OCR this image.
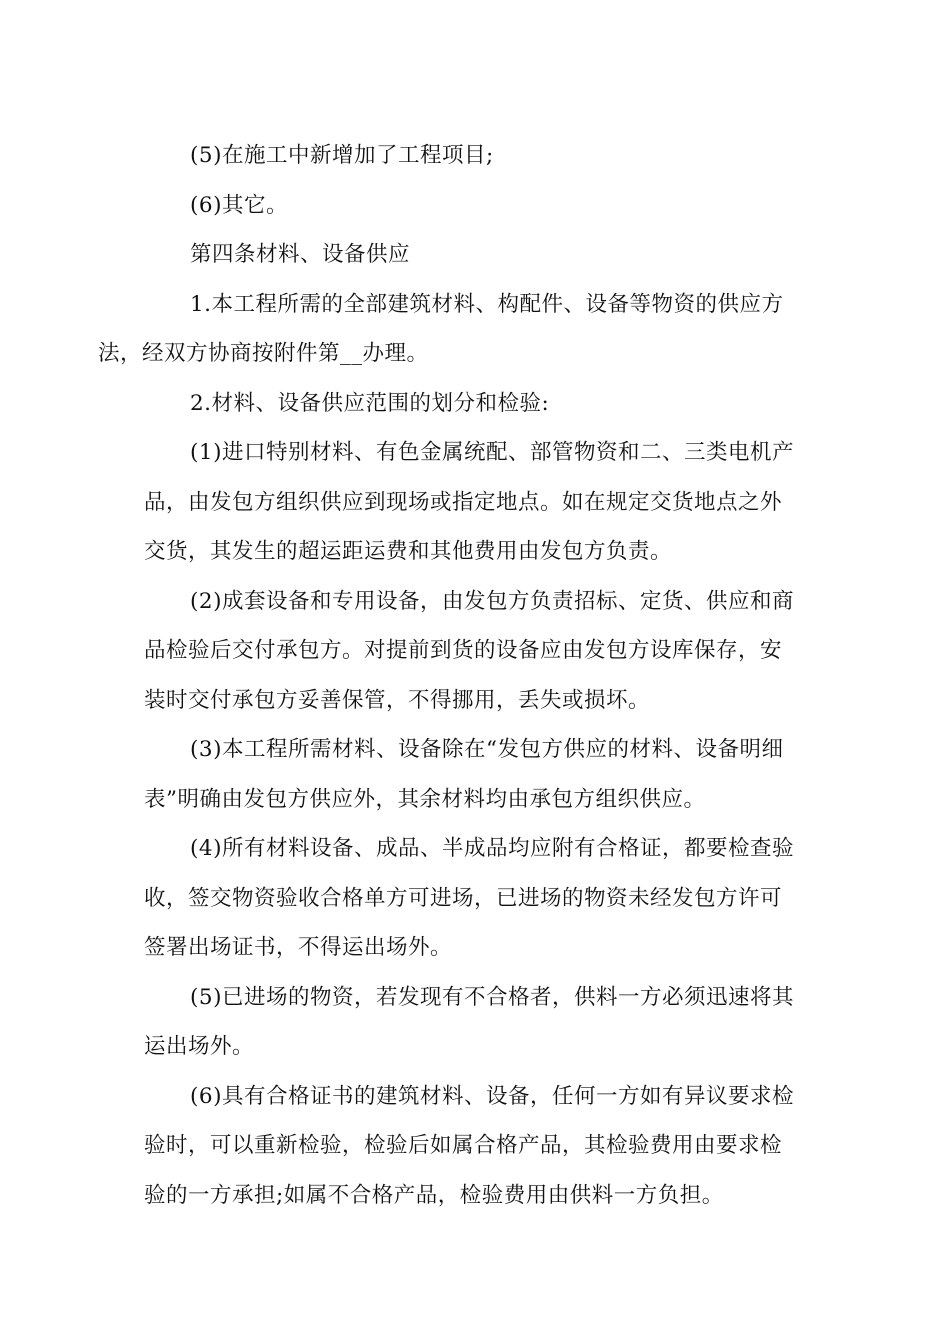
(5)在施工中新增加了工程项目;

(6)其它。

第四条材料、设备供应

1.本工程所需的全部建筑材料、构配件、设备等物资的供应方
法，经双方协商按附件第__办理。

2.材料、设备供应范围的划分和检验:

(1)进口特别材料、有色金属统配、部管物资和二、三类电机产
品，由发包方组织供应到现场或指定地点。如在规定交货地点之外
交货，其发生的超运距运费和其他费用由发包方负责。

(2)成套设备和专用设备，由发包方负责招标、定货、供应和商
品检验后交付承包方。对提前到货的设备应由发包方设库保存，安
装时交付承包方妥善保管，不得挪用，丢失或损坏。

(3)本工程所需材料、设备除在“发包方供应的材料、设备明细
表”明确由发包方供应外，其余材料均由承包方组织供应。

(4)所有材料设备、成品、半成品均应附有合格证，都要检查验
收，签交物资验收合格单方可进场，已进场的物资未经发包方许可
签署出场证书，不得运出场外。

(5)已进场的物资，若发现有不合格者，供料一方必须迅速将其
运出场外。

(6)具有合格证书的建筑材料、设备，任何一方如有异议要求检
验时，可以重新检验，检验后如属合格产品，其检验费用由要求检
验的一方承担;如属不合格产品，检验费用由供料一方负担。
